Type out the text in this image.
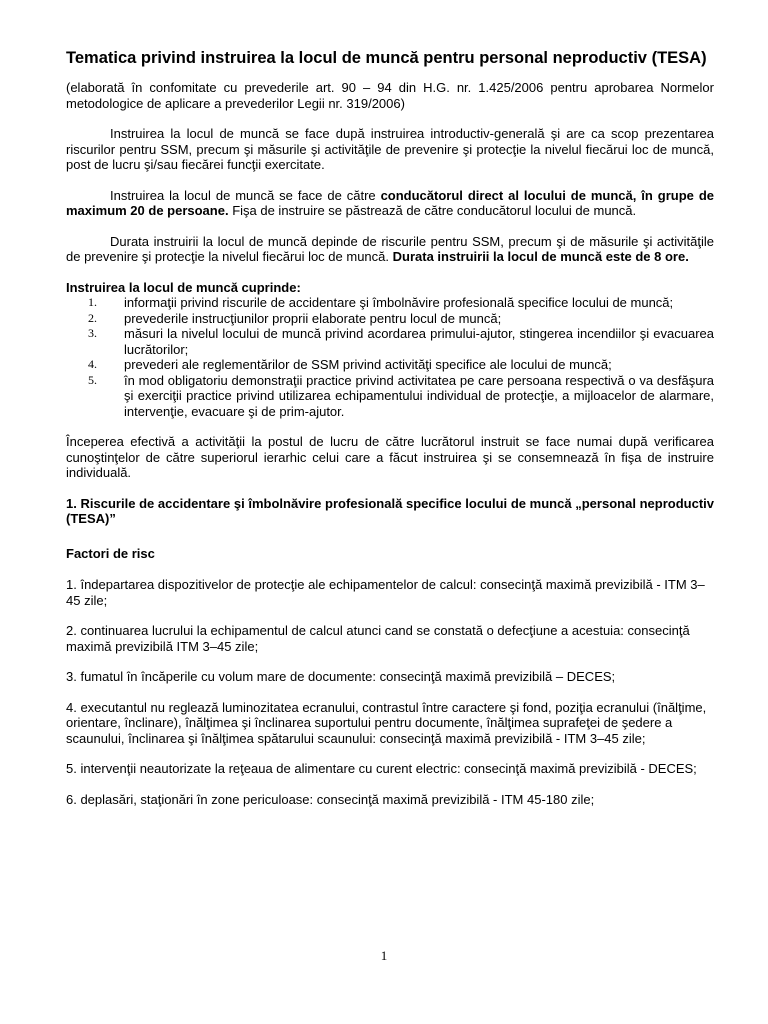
Tematica privind instruirea la locul de muncă pentru personal neproductiv (TESA)

(elaborată în confomitate cu prevederile art. 90 – 94 din H.G. nr. 1.425/2006 pentru aprobarea Normelor metodologice de aplicare a prevederilor Legii nr. 319/2006)

Instruirea la locul de muncă se face după instruirea introductiv-generală şi are ca scop prezentarea riscurilor pentru SSM, precum şi măsurile şi activităţile de prevenire şi protecţie la nivelul fiecărui loc de muncă, post de lucru şi/sau fiecărei funcţii exercitate.

Instruirea la locul de muncă se face de către conducătorul direct al locului de muncă, în grupe de maximum 20 de persoane. Fişa de instruire se păstrează de către conducătorul locului de muncă.

Durata instruirii la locul de muncă depinde de riscurile pentru SSM, precum şi de măsurile şi activităţile de prevenire şi protecţie la nivelul fiecărui loc de muncă. Durata instruirii la locul de muncă este de 8 ore.

Instruirea la locul de muncă cuprinde:
1. informaţii privind riscurile de accidentare şi îmbolnăvire profesională specifice locului de muncă;
2. prevederile instrucţiunilor proprii elaborate pentru locul de muncă;
3. măsuri la nivelul locului de muncă privind acordarea primului-ajutor, stingerea incendiilor şi evacuarea lucrătorilor;
4. prevederi ale reglementărilor de SSM privind activităţi specifice ale locului de muncă;
5. în mod obligatoriu demonstraţii practice privind activitatea pe care persoana respectivă o va desfăşura şi exerciţii practice privind utilizarea echipamentului individual de protecţie, a mijloacelor de alarmare, intervenţie, evacuare şi de prim-ajutor.

Începerea efectivă a activităţii la postul de lucru de către lucrătorul instruit se face numai după verificarea cunoştinţelor de către superiorul ierarhic celui care a făcut instruirea şi se consemnează în fişa de instruire individuală.

1. Riscurile de accidentare şi îmbolnăvire profesională specifice locului de muncă „personal neproductiv (TESA)”
Factori de risc

1. îndepartarea dispozitivelor de protecţie ale echipamentelor de calcul: consecinţă maximă previzibilă - ITM 3–45 zile;

2. continuarea lucrului la echipamentul de calcul atunci cand se constată o defecţiune a acestuia: consecinţă maximă previzibilă ITM 3–45 zile;

3. fumatul în încăperile cu volum mare de documente: consecinţă maximă previzibilă – DECES;

4. executantul nu reglează luminozitatea ecranului, contrastul între caractere şi fond, poziţia ecranului (înălţime, orientare, înclinare), înălţimea şi înclinarea suportului pentru documente, înălţimea suprafeţei de şedere a scaunului, înclinarea şi înălţimea spătarului scaunului: consecinţă maximă previzibilă - ITM 3–45 zile;

5. intervenţii neautorizate la reţeaua de alimentare cu curent electric: consecinţă maximă previzibilă - DECES;

6. deplasări, staţionări în zone periculoase: consecinţă maximă previzibilă - ITM 45-180 zile;

1
